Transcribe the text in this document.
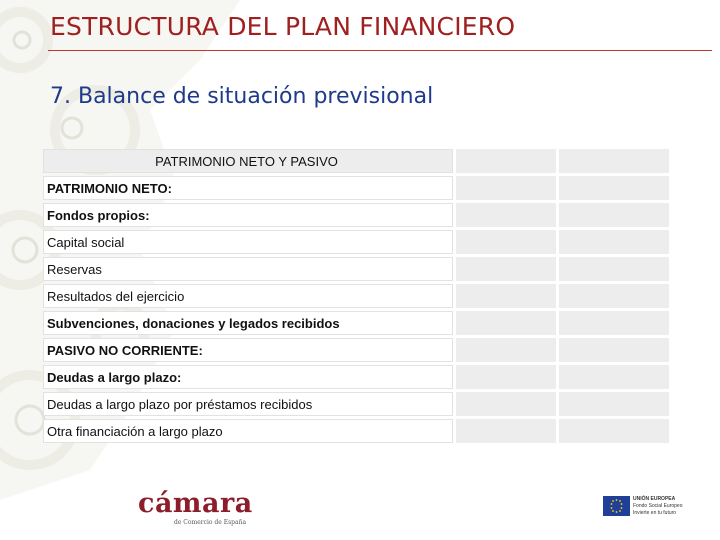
ESTRUCTURA DEL PLAN FINANCIERO
7. Balance de situación previsional
PATRIMONIO NETO Y PASIVO		
PATRIMONIO NETO:		
Fondos propios:		
Capital social		
Reservas		
Resultados del ejercicio		
Subvenciones, donaciones y legados recibidos		
PASIVO NO CORRIENTE:		
Deudas a largo plazo:		
Deudas a largo plazo por préstamos recibidos		
Otra financiación a largo plazo		
cámara
de Comercio de España
UNIÓN EUROPEA
Fondo Social Europeo
Invierte en tu futuro
